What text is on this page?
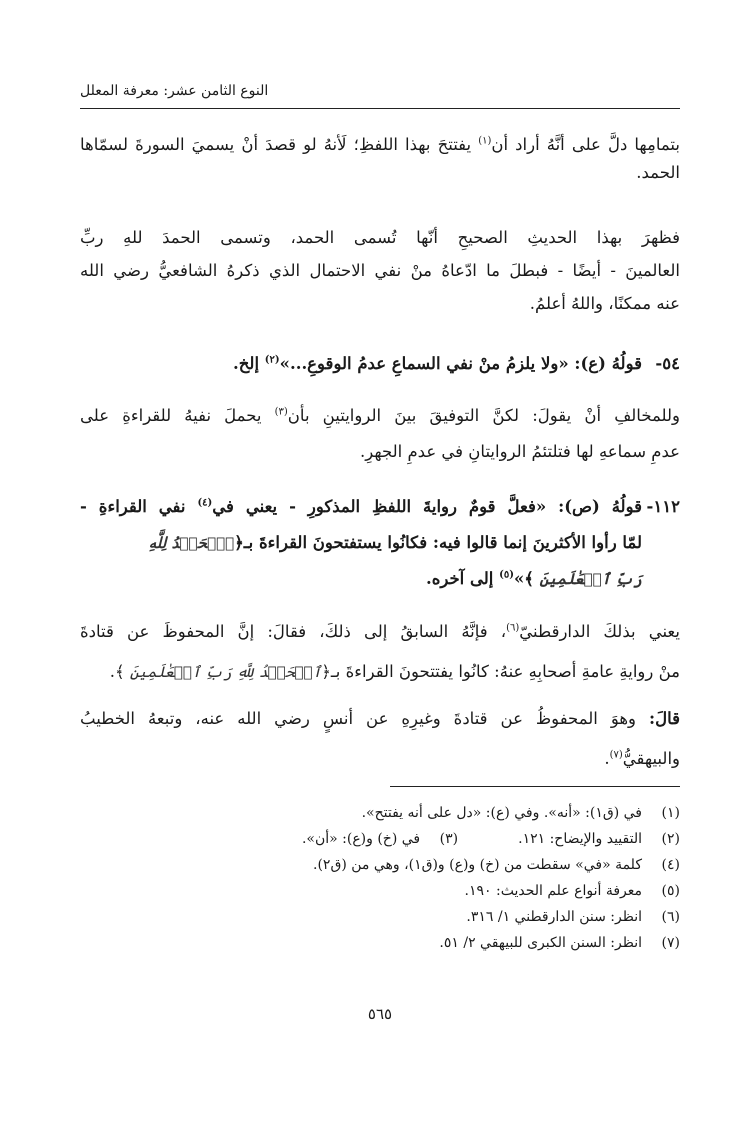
النوع الثامن عشر: معرفة المعلل
بتمامِها دلَّ على أنَّهُ أراد أن$^{(١)}$ يفتتحَ بهذا اللفظِ؛ لَأنهُ لو قصدَ أنْ يسميَ السورةَ لسمّاها
الحمد.
فظهرَ بهذا الحديثِ الصحيحِ أنّها تُسمى الحمد، وتسمى الحمدَ للهِ ربِّ
العالمينَ - أيضًا - فبطلَ ما ادّعاهُ منْ نفي الاحتمال الذي ذكرهُ الشافعيُّ رضي الله
عنه ممكنًا، واللهُ أعلمُ.
٥٤-قولُهُ (ع): «ولا يلزمُ منْ نفي السماعِ عدمُ الوقوعِ...»$^{(٢)}$ إلخ.
وللمخالفِ أنْ يقولَ: لكنَّ التوفيقَ بينَ الروايتينِ بأن$^{(٣)}$ يحملَ نفيهُ للقراءةِ على
عدمِ سماعهِ لها فتلتئمُ الروايتانِ في عدمِ الجهرِ.
١١٢-قولُهُ (ص): «فعلَّ قومٌ روايةَ اللفظِ المذكورِ - يعني في$^{(٤)}$ نفي القراءةِ -
لمّا رأوا الأكثرينَ إنما قالوا فيه: فكانُوا يستفتحونَ القراءةَ بـ﴿ٱلۡحَمۡدُ لِلَّهِ
رَبِّ ٱلۡعَٰلَمِينَ ﴾»$^{(٥)}$ إلى آخره.
يعني بذلكَ الدارقطنيّ$^{(٦)}$، فإنَّهُ السابقُ إلى ذلكَ، فقالَ: إنَّ المحفوظَ عن قتادةَ
منْ روايةِ عامةِ أصحابِهِ عنهُ: كانُوا يفتتحونَ القراءةَ بـ﴿ٱلۡحَمۡدُ لِلَّهِ رَبِّ ٱلۡعَٰلَمِينَ ﴾.
قالَ: وهوَ المحفوظُ عن قتادةَ وغيرِهِ عن أنسٍ رضي الله عنه، وتبعهُ الخطيبُ
والبيهقيُّ$^{(٧)}$.
(١)في (ق١): «أنه». وفي (ع): «دل على أنه يفتتح».
(٢)التقييد والإيضاح: ١٢١.(٣)في (خ) و(ع): «أن».
(٤)كلمة «في» سقطت من (خ) و(ع) و(ق١)، وهي من (ق٢).
(٥)معرفة أنواع علم الحديث: ١٩٠.
(٦)انظر: سنن الدارقطني ١/ ٣١٦.
(٧)انظر: السنن الكبرى للبيهقي ٢/ ٥١.
٥٦٥
